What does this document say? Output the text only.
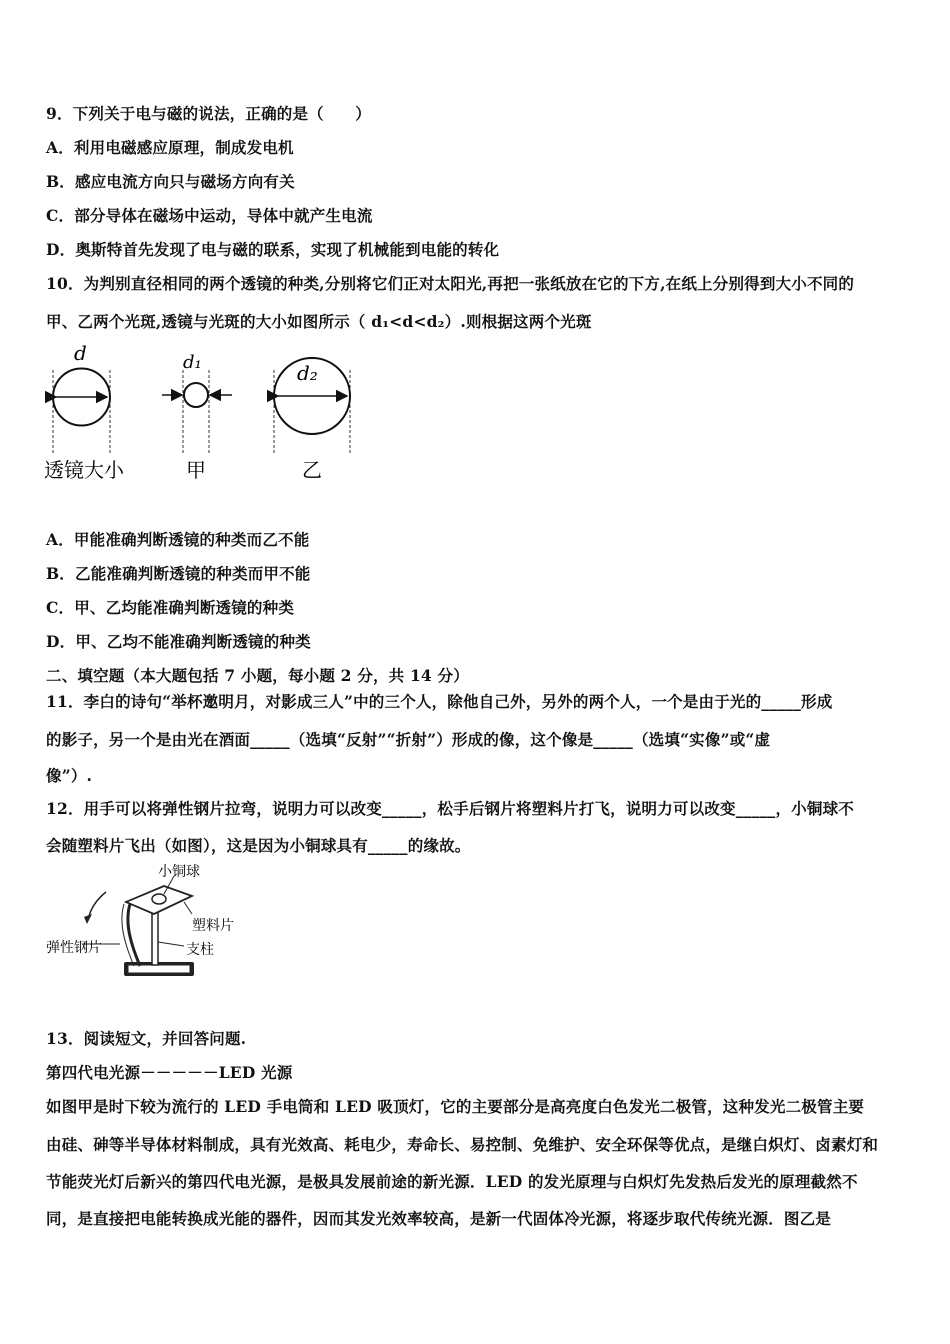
9．下列关于电与磁的说法，正确的是（　　）
A．利用电磁感应原理，制成发电机
B．感应电流方向只与磁场方向有关
C．部分导体在磁场中运动，导体中就产生电流
D．奥斯特首先发现了电与磁的联系，实现了机械能到电能的转化
10．为判别直径相同的两个透镜的种类,分别将它们正对太阳光,再把一张纸放在它的下方,在纸上分别得到大小不同的
甲、乙两个光斑,透镜与光斑的大小如图所示（ d₁<d<d₂）.则根据这两个光斑
d	d₁	d₂
透镜大小	甲	乙
A．甲能准确判断透镜的种类而乙不能
B．乙能准确判断透镜的种类而甲不能
C．甲、乙均能准确判断透镜的种类
D．甲、乙均不能准确判断透镜的种类
二、填空题（本大题包括 7 小题，每小题 2 分，共 14 分）
11．李白的诗句“举杯邀明月，对影成三人”中的三个人，除他自己外，另外的两个人，一个是由于光的_____形成
的影子，另一个是由光在酒面_____（选填“反射”“折射”）形成的像，这个像是_____（选填“实像”或“虚
像”）.
12．用手可以将弹性钢片拉弯，说明力可以改变_____，松手后钢片将塑料片打飞，说明力可以改变_____，小铜球不
会随塑料片飞出（如图），这是因为小铜球具有_____的缘故。
小铜球
塑料片
支柱
弹性钢片
13．阅读短文，并回答问题.
第四代电光源－－－－－LED 光源
如图甲是时下较为流行的 LED 手电筒和 LED 吸顶灯，它的主要部分是高亮度白色发光二极管，这种发光二极管主要
由硅、砷等半导体材料制成，具有光效高、耗电少，寿命长、易控制、免维护、安全环保等优点，是继白炽灯、卤素灯和
节能荧光灯后新兴的第四代电光源，是极具发展前途的新光源．LED 的发光原理与白炽灯先发热后发光的原理截然不
同，是直接把电能转换成光能的器件，因而其发光效率较高，是新一代固体冷光源，将逐步取代传统光源．图乙是
